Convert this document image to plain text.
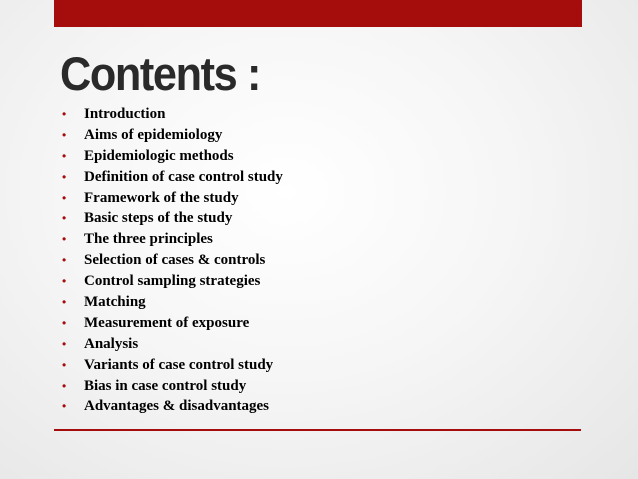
Contents :
•	Introduction
•	Aims of epidemiology
•	Epidemiologic methods
•	Definition of case control study
•	Framework of the study
•	Basic steps of the study
•	The three principles
•	Selection of cases & controls
•	Control sampling strategies
•	Matching
•	Measurement of exposure
•	Analysis
•	Variants of case control study
•	Bias in case control study
•	Advantages & disadvantages
